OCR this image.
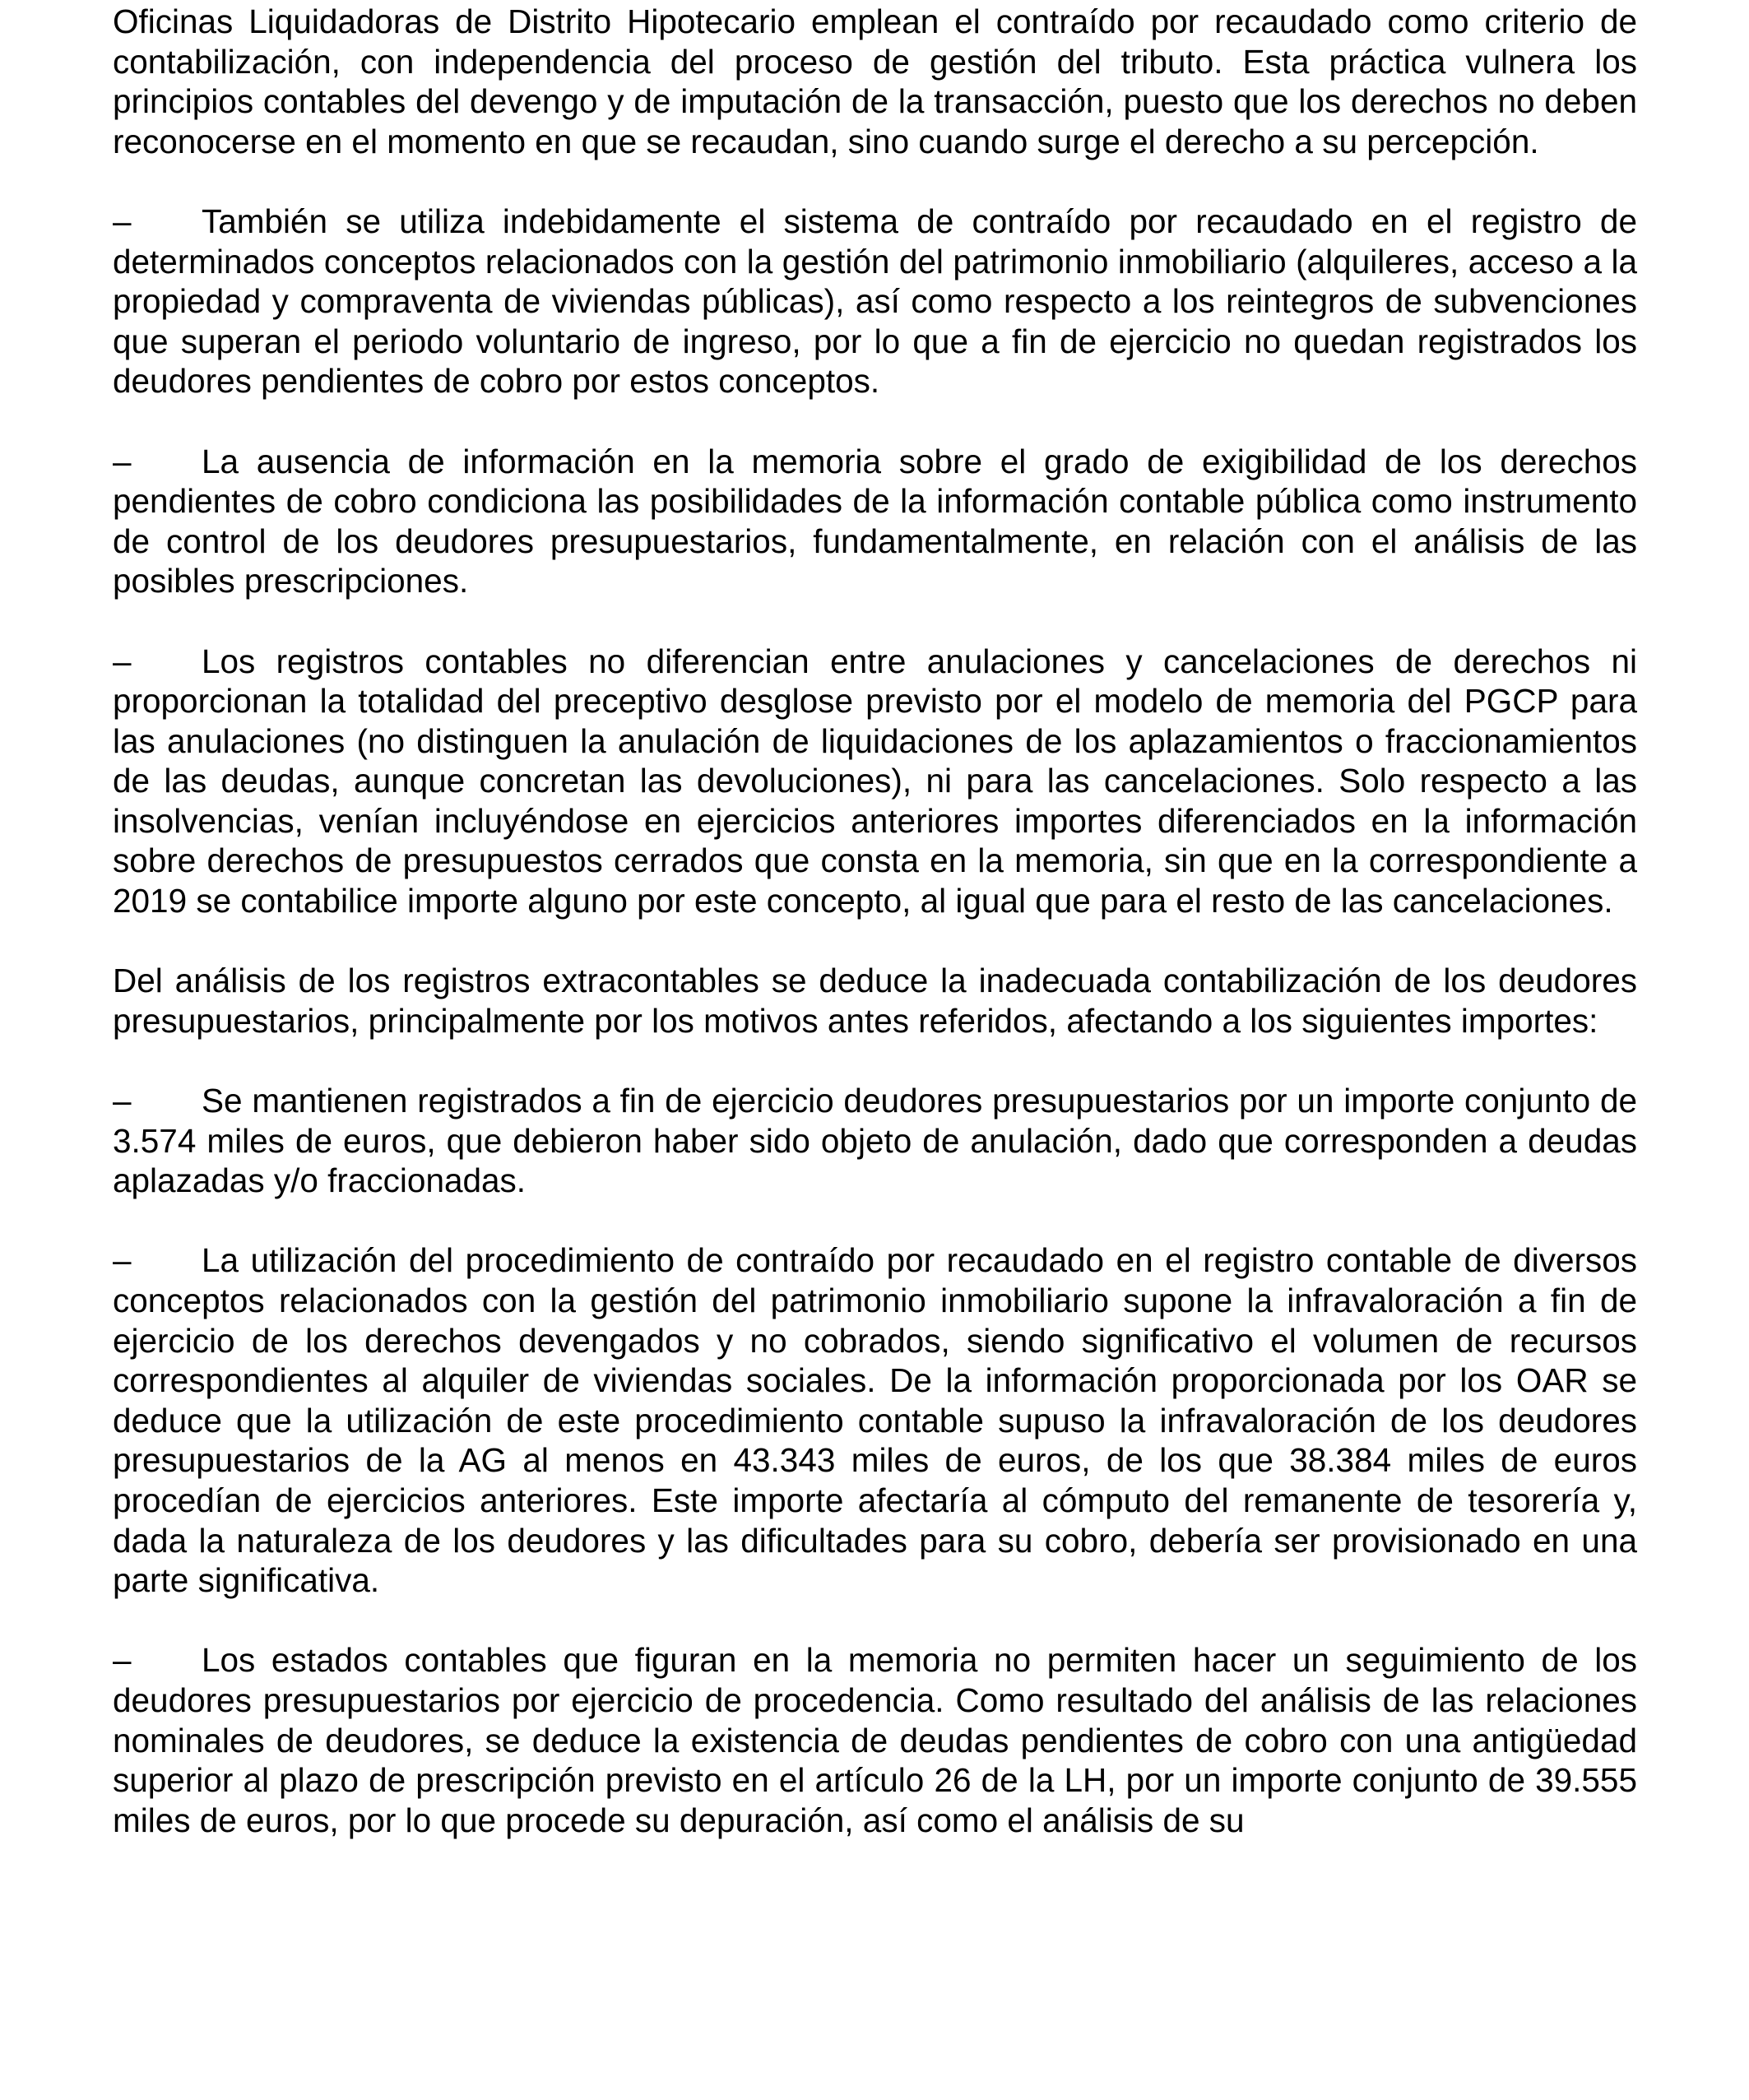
Oficinas Liquidadoras de Distrito Hipotecario emplean el contraído por recaudado como criterio de contabilización, con independencia del proceso de gestión del tributo. Esta práctica vulnera los principios contables del devengo y de imputación de la transacción, puesto que los derechos no deben reconocerse en el momento en que se recaudan, sino cuando surge el derecho a su percepción.

– También se utiliza indebidamente el sistema de contraído por recaudado en el registro de determinados conceptos relacionados con la gestión del patrimonio inmobiliario (alquileres, acceso a la propiedad y compraventa de viviendas públicas), así como respecto a los reintegros de subvenciones que superan el periodo voluntario de ingreso, por lo que a fin de ejercicio no quedan registrados los deudores pendientes de cobro por estos conceptos.

– La ausencia de información en la memoria sobre el grado de exigibilidad de los derechos pendientes de cobro condiciona las posibilidades de la información contable pública como instrumento de control de los deudores presupuestarios, fundamentalmente, en relación con el análisis de las posibles prescripciones.

– Los registros contables no diferencian entre anulaciones y cancelaciones de derechos ni proporcionan la totalidad del preceptivo desglose previsto por el modelo de memoria del PGCP para las anulaciones (no distinguen la anulación de liquidaciones de los aplazamientos o fraccionamientos de las deudas, aunque concretan las devoluciones), ni para las cancelaciones. Solo respecto a las insolvencias, venían incluyéndose en ejercicios anteriores importes diferenciados en la información sobre derechos de presupuestos cerrados que consta en la memoria, sin que en la correspondiente a 2019 se contabilice importe alguno por este concepto, al igual que para el resto de las cancelaciones.

Del análisis de los registros extracontables se deduce la inadecuada contabilización de los deudores presupuestarios, principalmente por los motivos antes referidos, afectando a los siguientes importes:

– Se mantienen registrados a fin de ejercicio deudores presupuestarios por un importe conjunto de 3.574 miles de euros, que debieron haber sido objeto de anulación, dado que corresponden a deudas aplazadas y/o fraccionadas.

– La utilización del procedimiento de contraído por recaudado en el registro contable de diversos conceptos relacionados con la gestión del patrimonio inmobiliario supone la infravaloración a fin de ejercicio de los derechos devengados y no cobrados, siendo significativo el volumen de recursos correspondientes al alquiler de viviendas sociales. De la información proporcionada por los OAR se deduce que la utilización de este procedimiento contable supuso la infravaloración de los deudores presupuestarios de la AG al menos en 43.343 miles de euros, de los que 38.384 miles de euros procedían de ejercicios anteriores. Este importe afectaría al cómputo del remanente de tesorería y, dada la naturaleza de los deudores y las dificultades para su cobro, debería ser provisionado en una parte significativa.

– Los estados contables que figuran en la memoria no permiten hacer un seguimiento de los deudores presupuestarios por ejercicio de procedencia. Como resultado del análisis de las relaciones nominales de deudores, se deduce la existencia de deudas pendientes de cobro con una antigüedad superior al plazo de prescripción previsto en el artículo 26 de la LH, por un importe conjunto de 39.555 miles de euros, por lo que procede su depuración, así como el análisis de su
